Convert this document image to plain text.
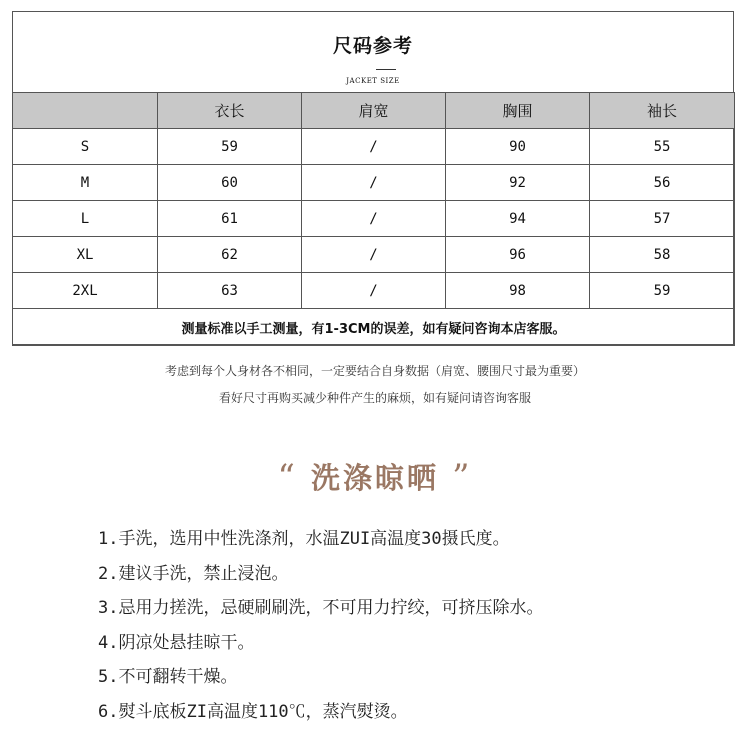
尺码参考
JACKET SIZE
	衣长	肩宽	胸围	袖长
S	59	/	90	55
M	60	/	92	56
L	61	/	94	57
XL	62	/	96	58
2XL	63	/	98	59
测量标准以手工测量，有1-3CM的误差，如有疑问咨询本店客服。				
考虑到每个人身材各不相同，一定要结合自身数据（肩宽、腰围尺寸最为重要）
看好尺寸再购买减少种件产生的麻烦，如有疑问请咨询客服
“ 洗涤晾晒 ”
1.手洗，选用中性洗涤剂，水温ZUI高温度30摄氏度。
2.建议手洗，禁止浸泡。
3.忌用力搓洗，忌硬刷刷洗，不可用力拧绞，可挤压除水。
4.阴凉处悬挂晾干。
5.不可翻转干燥。
6.熨斗底板ZI高温度110℃，蒸汽熨烫。
